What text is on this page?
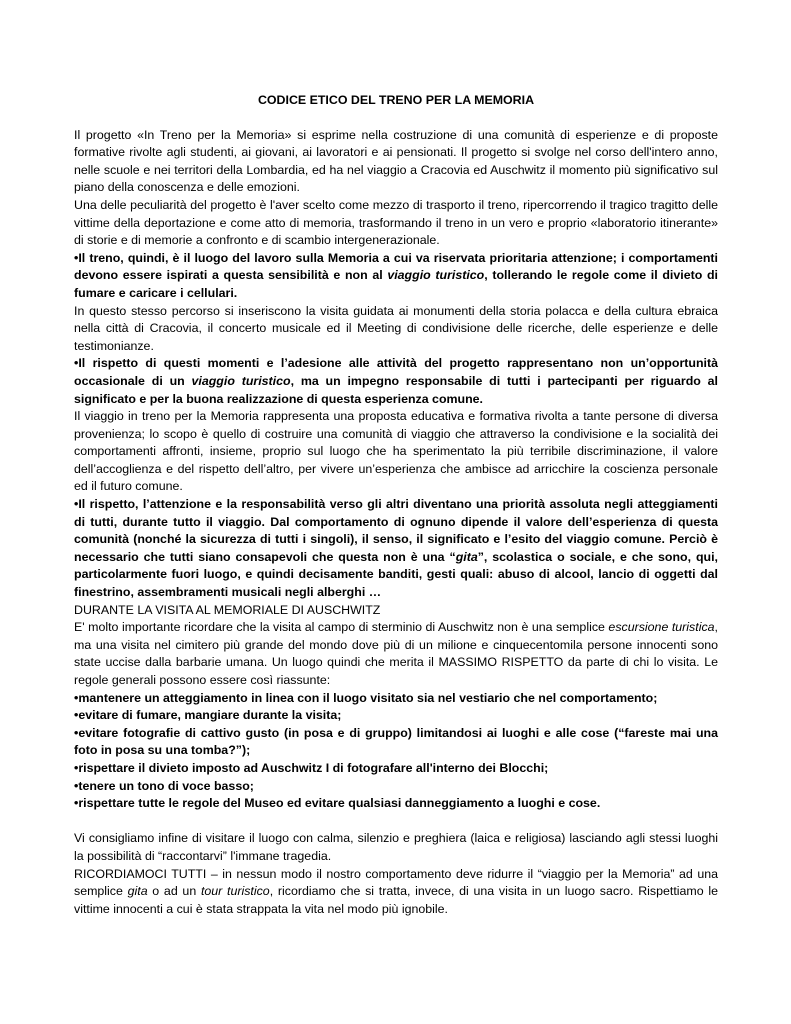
CODICE ETICO DEL TRENO PER LA MEMORIA

Il progetto «In Treno per la Memoria» si esprime nella costruzione di una comunità di esperienze e di proposte formative rivolte agli studenti, ai giovani, ai lavoratori e ai pensionati. Il progetto si svolge nel corso dell'intero anno, nelle scuole e nei territori della Lombardia, ed ha nel viaggio a Cracovia ed Auschwitz il momento più significativo sul piano della conoscenza e delle emozioni.

Una delle peculiarità del progetto è l'aver scelto come mezzo di trasporto il treno, ripercorrendo il tragico tragitto delle vittime della deportazione e come atto di memoria, trasformando il treno in un vero e proprio «laboratorio itinerante» di storie e di memorie a confronto e di scambio intergenerazionale.

•Il treno, quindi, è il luogo del lavoro sulla Memoria a cui va riservata prioritaria attenzione; i comportamenti devono essere ispirati a questa sensibilità e non al viaggio turistico, tollerando le regole come il divieto di fumare e caricare i cellulari.

In questo stesso percorso si inseriscono la visita guidata ai monumenti della storia polacca e della cultura ebraica nella città di Cracovia, il concerto musicale ed il Meeting di condivisione delle ricerche, delle esperienze e delle testimonianze.

•Il rispetto di questi momenti e l’adesione alle attività del progetto rappresentano non un’opportunità occasionale di un viaggio turistico, ma un impegno responsabile di tutti i partecipanti per riguardo al significato e per la buona realizzazione di questa esperienza comune.

Il viaggio in treno per la Memoria rappresenta una proposta educativa e formativa rivolta a tante persone di diversa provenienza; lo scopo è quello di costruire una comunità di viaggio che attraverso la condivisione e la socialità dei comportamenti affronti, insieme, proprio sul luogo che ha sperimentato la più terribile discriminazione, il valore dell’accoglienza e del rispetto dell’altro, per vivere un’esperienza che ambisce ad arricchire la coscienza personale ed il futuro comune.

•Il rispetto, l’attenzione e la responsabilità verso gli altri diventano una priorità assoluta negli atteggiamenti di tutti, durante tutto il viaggio. Dal comportamento di ognuno dipende il valore dell’esperienza di questa comunità (nonché la sicurezza di tutti i singoli), il senso, il significato e l’esito del viaggio comune. Perciò è necessario che tutti siano consapevoli che questa non è una “gita”, scolastica o sociale, e che sono, qui, particolarmente fuori luogo, e quindi decisamente banditi, gesti quali: abuso di alcool, lancio di oggetti dal finestrino, assembramenti musicali negli alberghi …

DURANTE LA VISITA AL MEMORIALE DI AUSCHWITZ

E' molto importante ricordare che la visita al campo di sterminio di Auschwitz non è una semplice escursione turistica, ma una visita nel cimitero più grande del mondo dove più di un milione e cinquecentomila persone innocenti sono state uccise dalla barbarie umana. Un luogo quindi che merita il MASSIMO RISPETTO da parte di chi lo visita. Le regole generali possono essere così riassunte:

•mantenere un atteggiamento in linea con il luogo visitato sia nel vestiario che nel comportamento;

•evitare di fumare, mangiare durante la visita;

•evitare fotografie di cattivo gusto (in posa e di gruppo) limitandosi ai luoghi e alle cose (“fareste mai una foto in posa su una tomba?”);

•rispettare il divieto imposto ad Auschwitz I di fotografare all'interno dei Blocchi;

•tenere un tono di voce basso;

•rispettare tutte le regole del Museo ed evitare qualsiasi danneggiamento a luoghi e cose.

Vi consigliamo infine di visitare il luogo con calma, silenzio e preghiera (laica e religiosa) lasciando agli stessi luoghi la possibilità di “raccontarvi” l'immane tragedia.

RICORDIAMOCI TUTTI – in nessun modo il nostro comportamento deve ridurre il “viaggio per la Memoria” ad una semplice gita o ad un tour turistico, ricordiamo che si tratta, invece, di una visita in un luogo sacro. Rispettiamo le vittime innocenti a cui è stata strappata la vita nel modo più ignobile.
